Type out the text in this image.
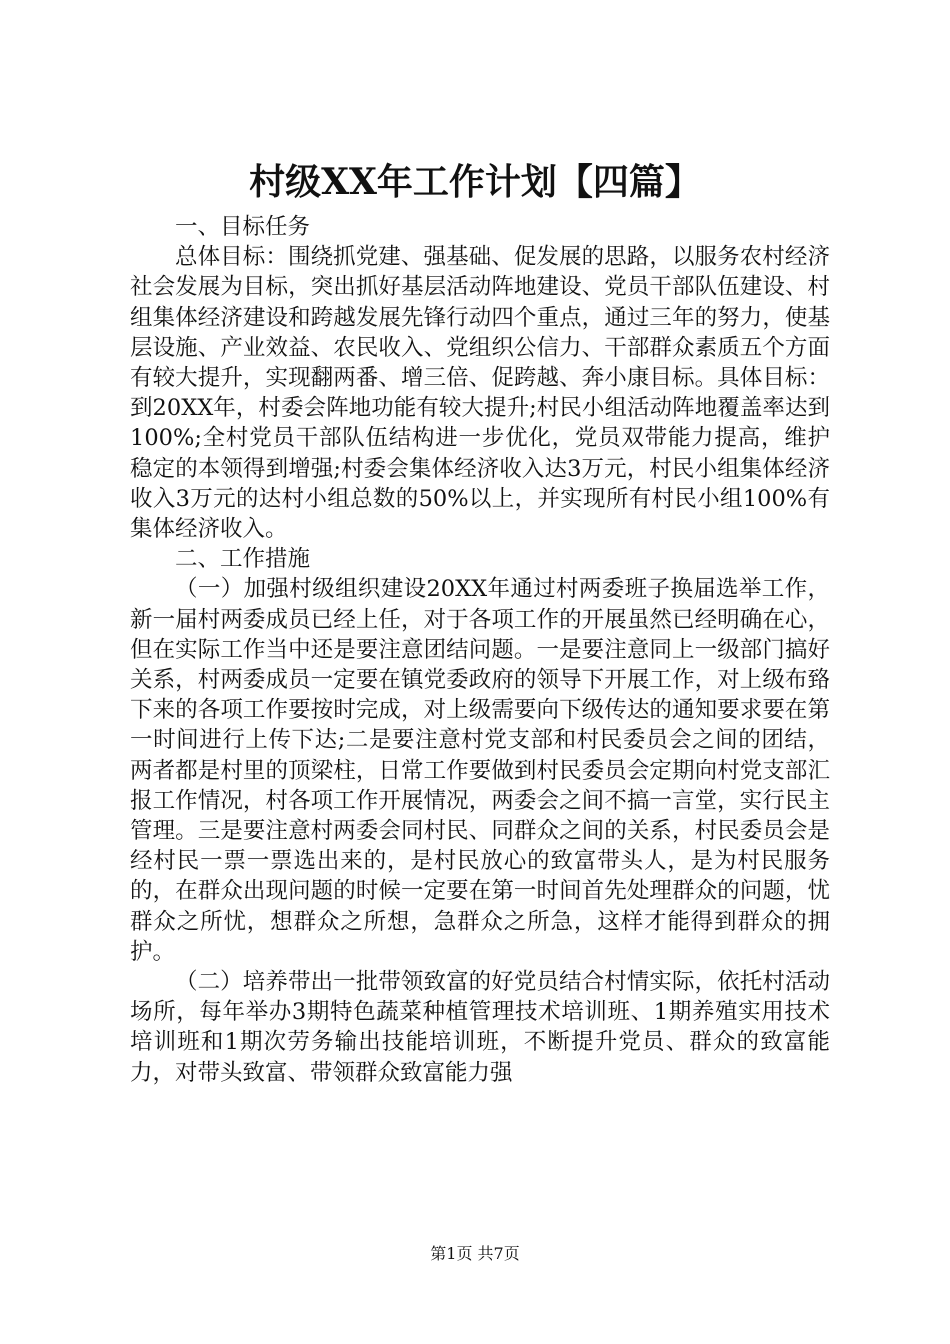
村级XX年工作计划【四篇】

一、目标任务

总体目标：围绕抓党建、强基础、促发展的思路，以服务农村经济社会发展为目标，突出抓好基层活动阵地建设、党员干部队伍建设、村组集体经济建设和跨越发展先锋行动四个重点，通过三年的努力，使基层设施、产业效益、农民收入、党组织公信力、干部群众素质五个方面有较大提升，实现翻两番、增三倍、促跨越、奔小康目标。具体目标：到20XX年，村委会阵地功能有较大提升;村民小组活动阵地覆盖率达到100%;全村党员干部队伍结构进一步优化，党员双带能力提高，维护稳定的本领得到增强;村委会集体经济收入达3万元，村民小组集体经济收入3万元的达村小组总数的50%以上，并实现所有村民小组100%有集体经济收入。

二、工作措施

（一）加强村级组织建设20XX年通过村两委班子换届选举工作，新一届村两委成员已经上任，对于各项工作的开展虽然已经明确在心，但在实际工作当中还是要注意团结问题。一是要注意同上一级部门搞好关系，村两委成员一定要在镇党委政府的领导下开展工作，对上级布臵下来的各项工作要按时完成，对上级需要向下级传达的通知要求要在第一时间进行上传下达;二是要注意村党支部和村民委员会之间的团结，两者都是村里的顶梁柱，日常工作要做到村民委员会定期向村党支部汇报工作情况，村各项工作开展情况，两委会之间不搞一言堂，实行民主管理。三是要注意村两委会同村民、同群众之间的关系，村民委员会是经村民一票一票选出来的，是村民放心的致富带头人，是为村民服务的，在群众出现问题的时候一定要在第一时间首先处理群众的问题，忧群众之所忧，想群众之所想，急群众之所急，这样才能得到群众的拥护。

（二）培养带出一批带领致富的好党员结合村情实际，依托村活动场所，每年举办3期特色蔬菜种植管理技术培训班、1期养殖实用技术培训班和1期次劳务输出技能培训班，不断提升党员、群众的致富能力，对带头致富、带领群众致富能力强

第1页 共7页
